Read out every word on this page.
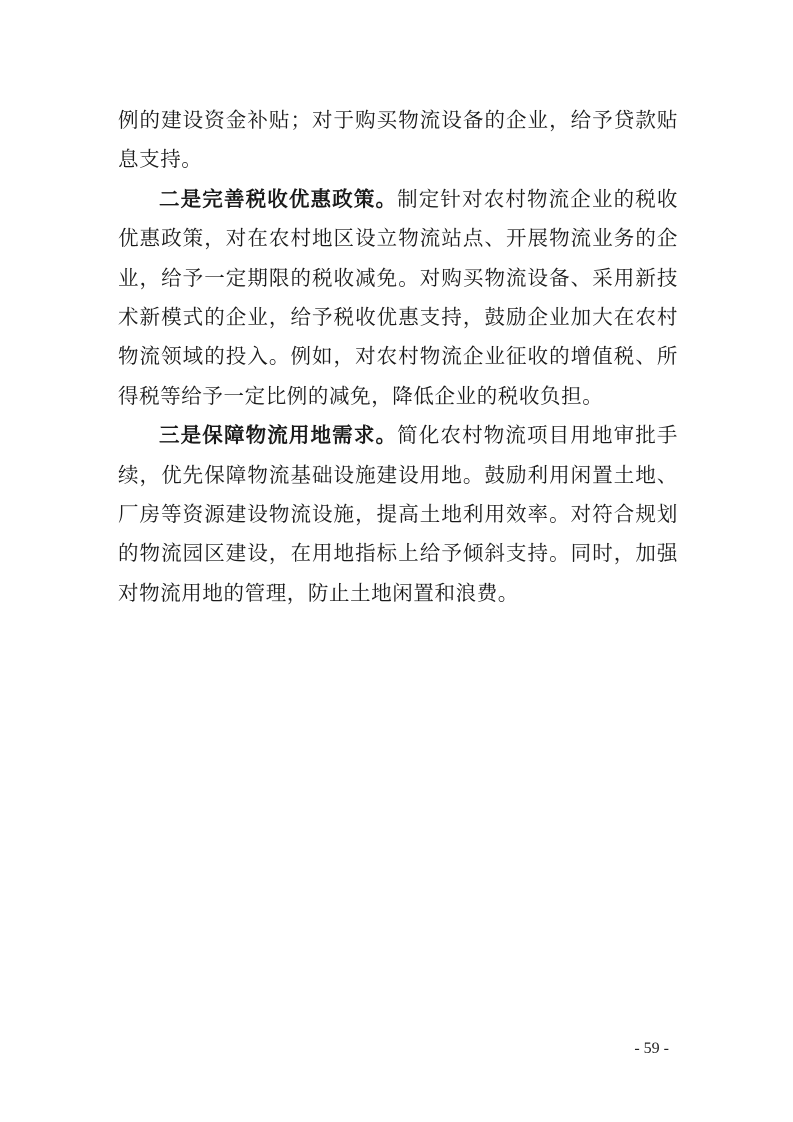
例的建设资金补贴；对于购买物流设备的企业，给予贷款贴
息支持。
二是完善税收优惠政策。制定针对农村物流企业的税收
优惠政策，对在农村地区设立物流站点、开展物流业务的企
业，给予一定期限的税收减免。对购买物流设备、采用新技
术新模式的企业，给予税收优惠支持，鼓励企业加大在农村
物流领域的投入。例如，对农村物流企业征收的增值税、所
得税等给予一定比例的减免，降低企业的税收负担。
三是保障物流用地需求。简化农村物流项目用地审批手
续，优先保障物流基础设施建设用地。鼓励利用闲置土地、
厂房等资源建设物流设施，提高土地利用效率。对符合规划
的物流园区建设，在用地指标上给予倾斜支持。同时，加强
对物流用地的管理，防止土地闲置和浪费。
- 59 -
